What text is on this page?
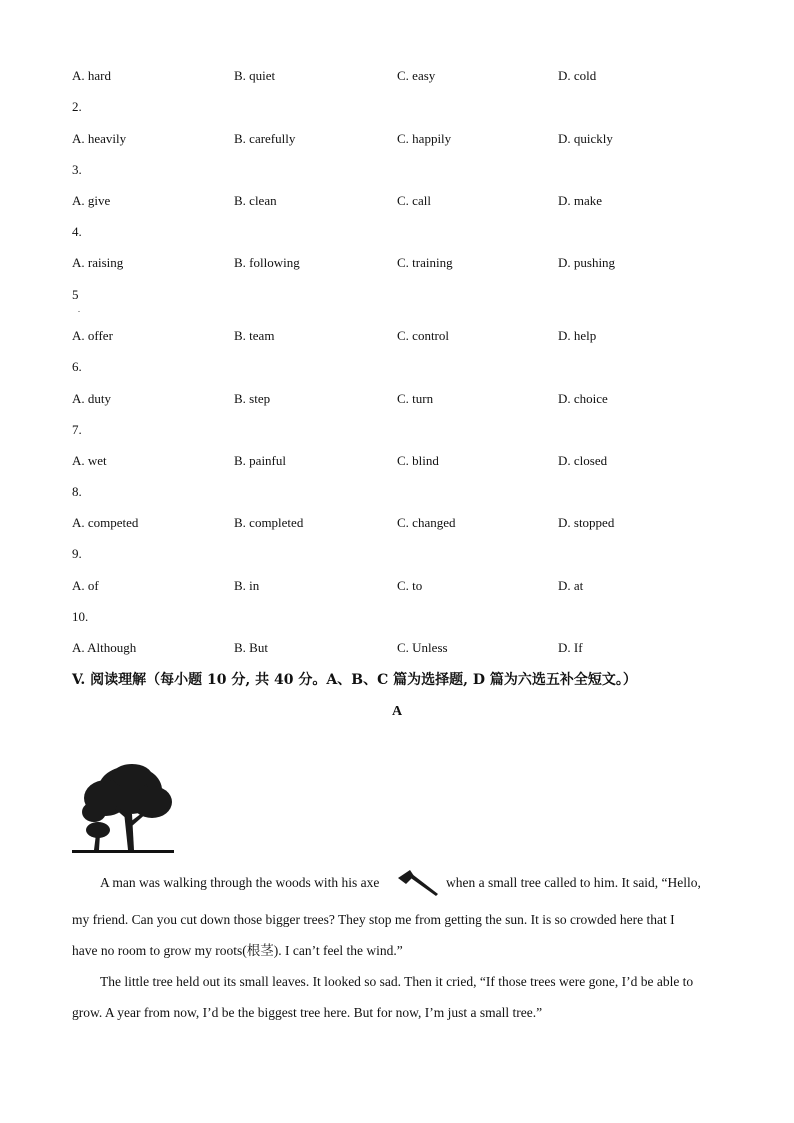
A. hard	B. quiet	C. easy	D. cold
2.
A. heavily	B. carefully	C. happily	D. quickly
3.
A. give	B. clean	C. call	D. make
4.
A. raising	B. following	C. training	D. pushing
5
.
A. offer	B. team	C. control	D. help
6.
A. duty	B. step	C. turn	D. choice
7.
A. wet	B. painful	C. blind	D. closed
8.
A. competed	B. completed	C. changed	D. stopped
9.
A. of	B. in	C. to	D. at
10.
A. Although	B. But	C. Unless	D. If
V. 阅读理解（每小题 10 分, 共 40 分。A、B、C 篇为选择题, D 篇为六选五补全短文。）
A
A man was walking through the woods with his axe	when a small tree called to him. It said, “Hello,
my friend. Can you cut down those bigger trees? They stop me from getting the sun. It is so crowded here that I
have no room to grow my roots(根茎). I can’t feel the wind.”
The little tree held out its small leaves. It looked so sad. Then it cried, “If those trees were gone, I’d be able to
grow. A year from now, I’d be the biggest tree here. But for now, I’m just a small tree.”
